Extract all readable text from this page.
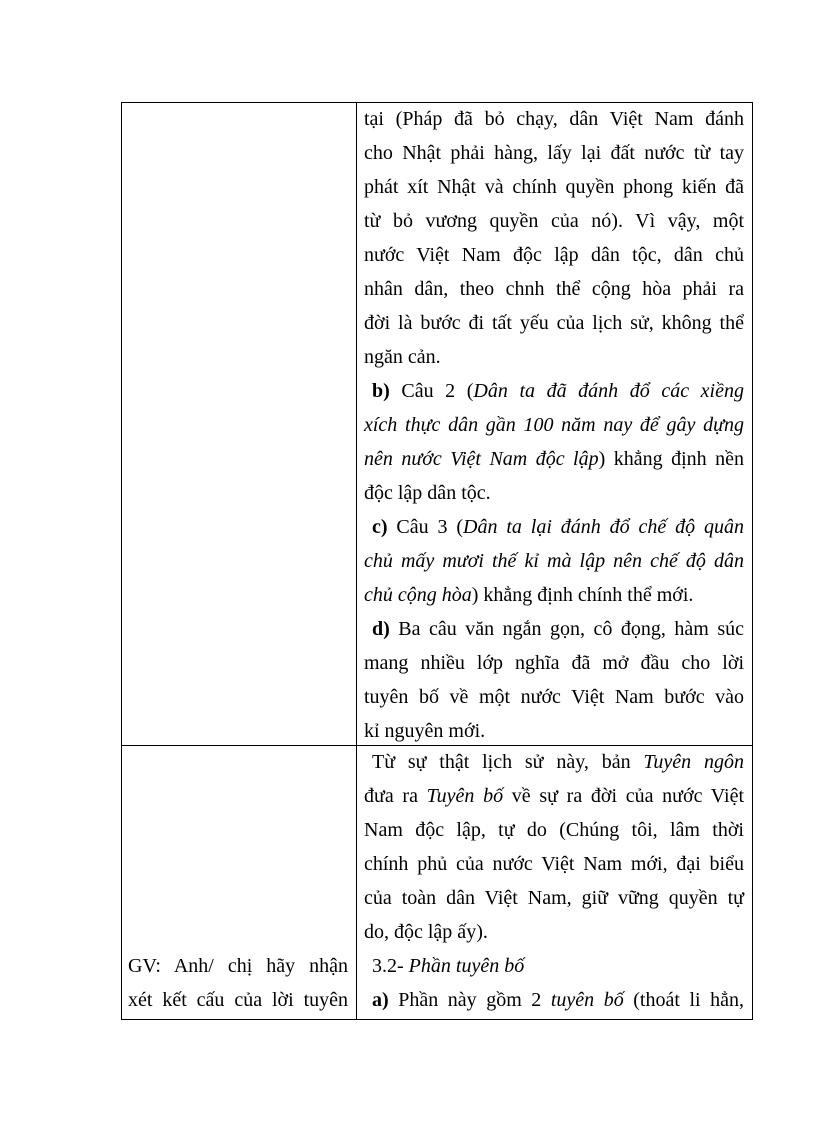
tại (Pháp đã bỏ chạy, dân Việt Nam đánh
cho Nhật phải hàng, lấy lại đất nước từ tay
phát xít Nhật và chính quyền phong kiến đã
từ bỏ vương quyền của nó). Vì vậy, một
nước Việt Nam độc lập dân tộc, dân chủ
nhân dân, theo chnh thể cộng hòa phải ra
đời là bước đi tất yếu của lịch sử, không thể
ngăn cản.
b) Câu 2 (Dân ta đã đánh đổ các xiềng
xích thực dân gần 100 năm nay để gây dựng
nên nước Việt Nam độc lập) khẳng định nền
độc lập dân tộc.
c) Câu 3 (Dân ta lại đánh đổ chế độ quân
chủ mấy mươi thế kỉ mà lập nên chế độ dân
chủ cộng hòa) khẳng định chính thể mới.
d) Ba câu văn ngắn gọn, cô đọng, hàm súc
mang nhiều lớp nghĩa đã mở đầu cho lời
tuyên bố về một nước Việt Nam bước vào
kỉ nguyên mới.
Từ sự thật lịch sử này, bản Tuyên ngôn
đưa ra Tuyên bố về sự ra đời của nước Việt
Nam độc lập, tự do (Chúng tôi, lâm thời
chính phủ của nước Việt Nam mới, đại biểu
của toàn dân Việt Nam, giữ vững quyền tự
do, độc lập ấy).
3.2- Phần tuyên bố
a) Phần này gồm 2 tuyên bố (thoát li hẳn,
GV: Anh/ chị hãy nhận
xét kết cấu của lời tuyên
